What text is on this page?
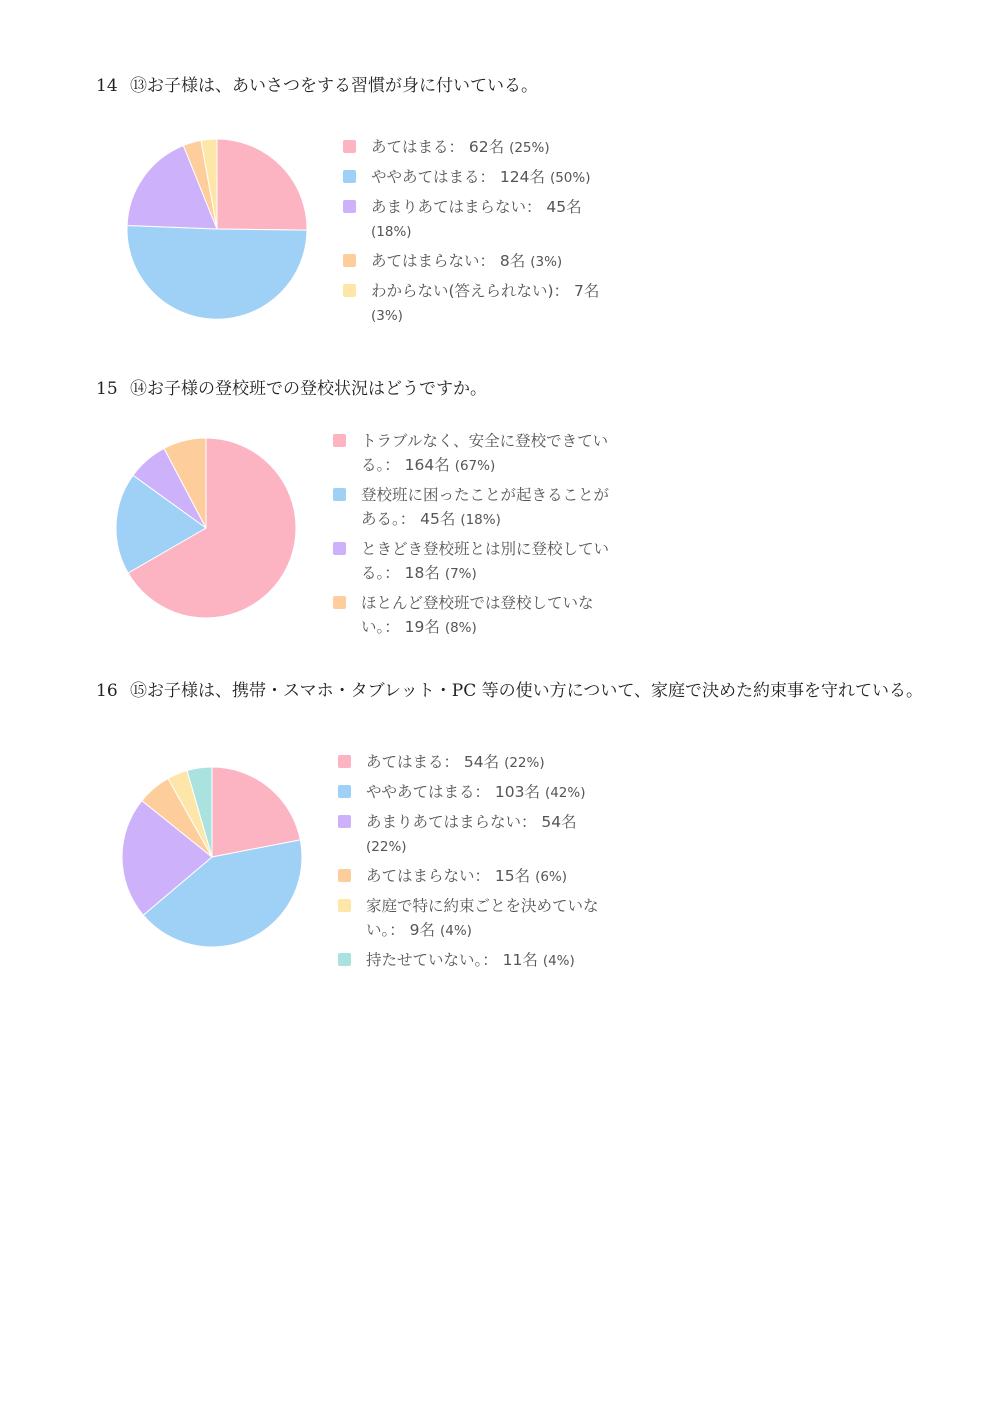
14 ⑬お子様は、あいさつをする習慣が身に付いている。
あてはまる： 62名 (25%)
ややあてはまる： 124名 (50%)
あまりあてはまらない： 45名 (18%)
あてはまらない： 8名 (3%)
わからない(答えられない)： 7名 (3%)
15 ⑭お子様の登校班での登校状況はどうですか。
トラブルなく、安全に登校できている。： 164名 (67%)
登校班に困ったことが起きることがある。： 45名 (18%)
ときどき登校班とは別に登校している。： 18名 (7%)
ほとんど登校班では登校していない。： 19名 (8%)
16 ⑮お子様は、携帯・スマホ・タブレット・PC 等の使い方について、家庭で決めた約束事を守れている。
あてはまる： 54名 (22%)
ややあてはまる： 103名 (42%)
あまりあてはまらない： 54名 (22%)
あてはまらない： 15名 (6%)
家庭で特に約束ごとを決めていない。： 9名 (4%)
持たせていない。： 11名 (4%)
